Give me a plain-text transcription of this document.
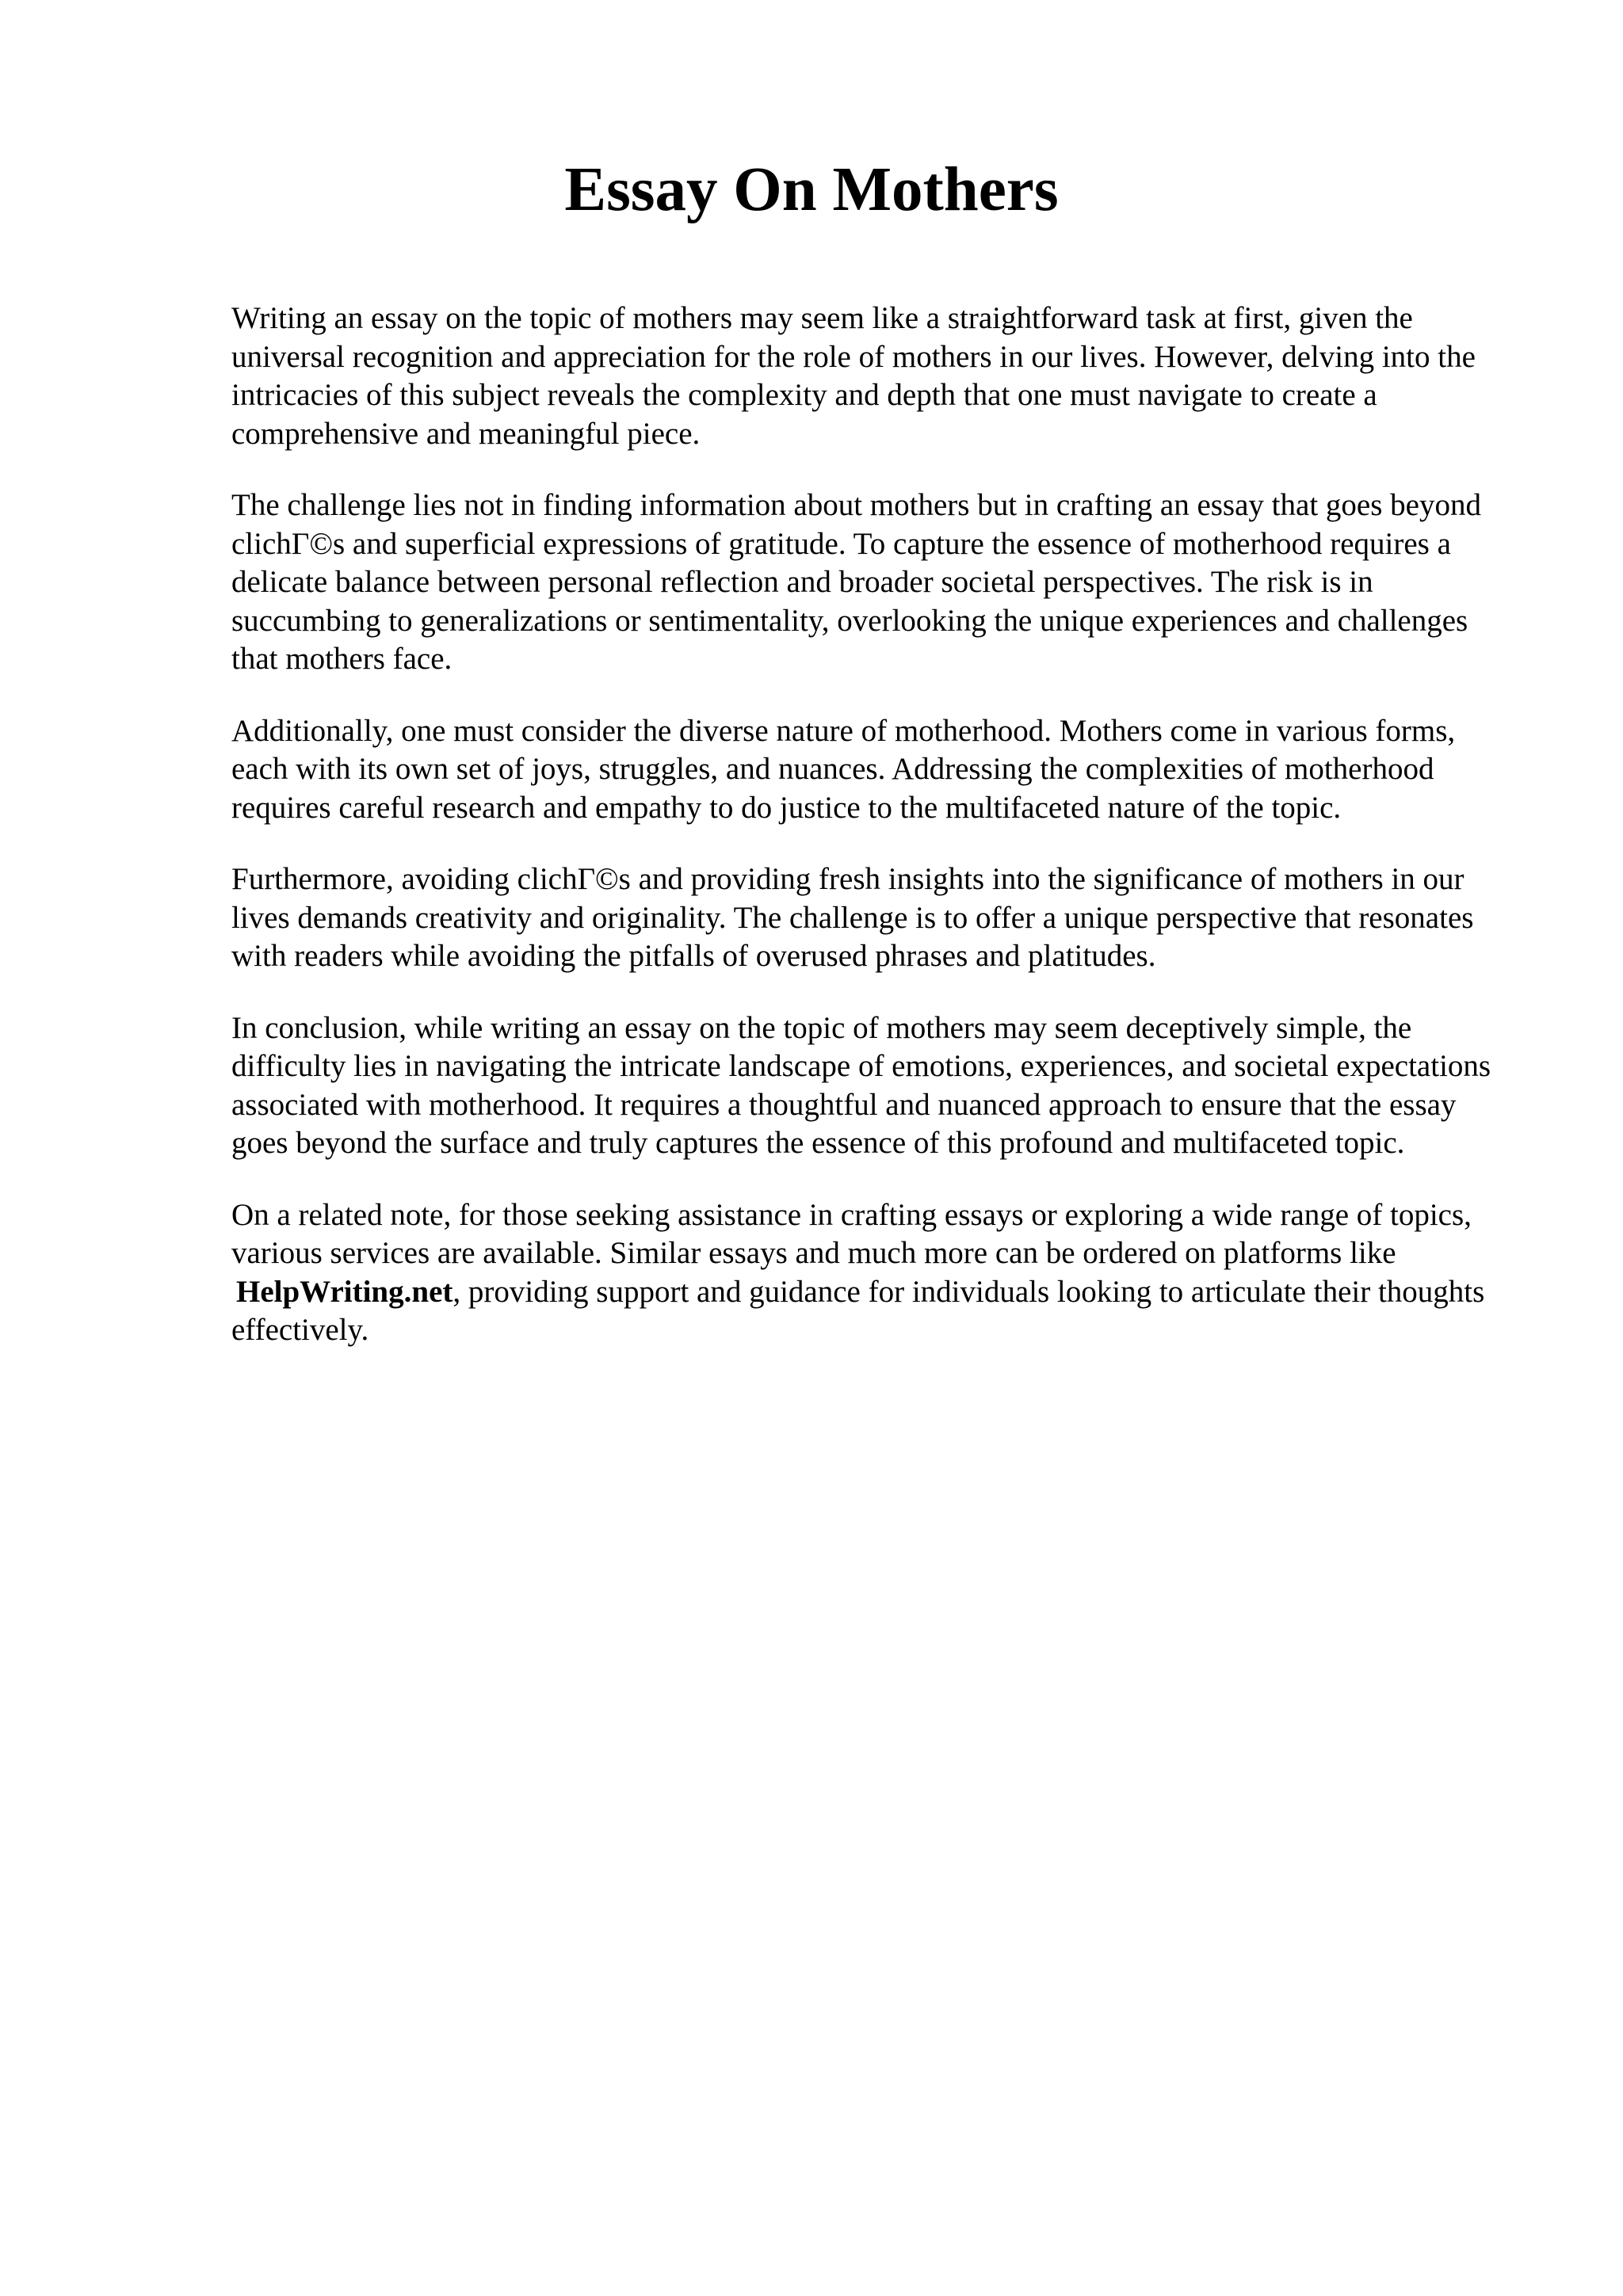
Essay On Mothers

Writing an essay on the topic of mothers may seem like a straightforward task at first, given the universal recognition and appreciation for the role of mothers in our lives. However, delving into the intricacies of this subject reveals the complexity and depth that one must navigate to create a comprehensive and meaningful piece.

The challenge lies not in finding information about mothers but in crafting an essay that goes beyond clichΓ©s and superficial expressions of gratitude. To capture the essence of motherhood requires a delicate balance between personal reflection and broader societal perspectives. The risk is in succumbing to generalizations or sentimentality, overlooking the unique experiences and challenges that mothers face.

Additionally, one must consider the diverse nature of motherhood. Mothers come in various forms, each with its own set of joys, struggles, and nuances. Addressing the complexities of motherhood requires careful research and empathy to do justice to the multifaceted nature of the topic.

Furthermore, avoiding clichΓ©s and providing fresh insights into the significance of mothers in our lives demands creativity and originality. The challenge is to offer a unique perspective that resonates with readers while avoiding the pitfalls of overused phrases and platitudes.

In conclusion, while writing an essay on the topic of mothers may seem deceptively simple, the difficulty lies in navigating the intricate landscape of emotions, experiences, and societal expectations associated with motherhood. It requires a thoughtful and nuanced approach to ensure that the essay goes beyond the surface and truly captures the essence of this profound and multifaceted topic.

On a related note, for those seeking assistance in crafting essays or exploring a wide range of topics, various services are available. Similar essays and much more can be ordered on platforms like HelpWriting.net, providing support and guidance for individuals looking to articulate their thoughts effectively.
